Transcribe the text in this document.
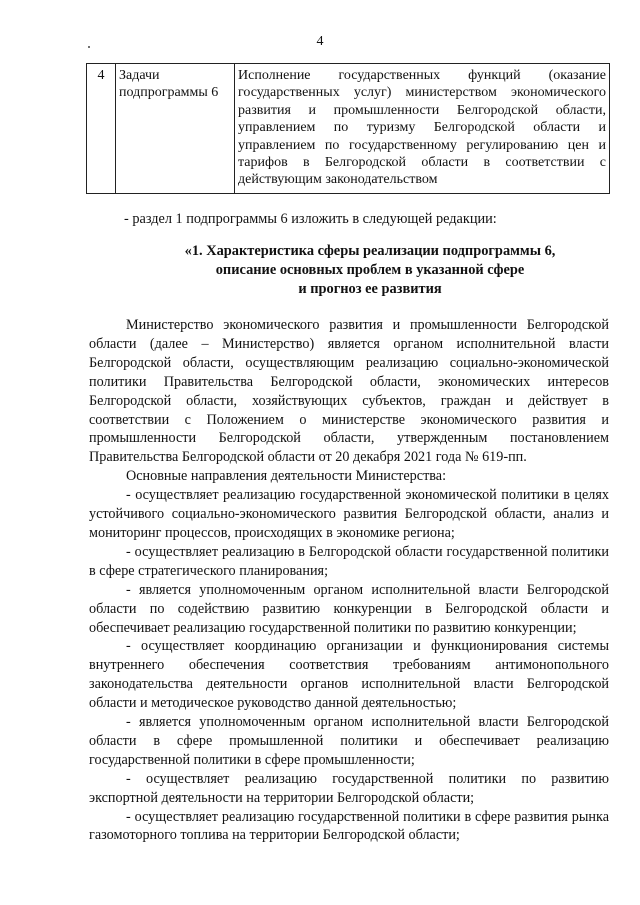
4
4	Задачи подпрограммы 6	Исполнение государственных функций (оказание государственных услуг) министерством экономического развития и промышленности Белгородской области, управлением по туризму Белгородской области и управлением по государственному регулированию цен и тарифов в Белгородской области в соответствии с действующим законодательством
- раздел 1 подпрограммы 6 изложить в следующей редакции:
«1. Характеристика сферы реализации подпрограммы 6,
описание основных проблем в указанной сфере
и прогноз ее развития

Министерство экономического развития и промышленности Белгородской области (далее – Министерство) является органом исполнительной власти Белгородской области, осуществляющим реализацию социально-экономической политики Правительства Белгородской области, экономических интересов Белгородской области, хозяйствующих субъектов, граждан и действует в соответствии с Положением о министерстве экономического развития и промышленности Белгородской области, утвержденным постановлением Правительства Белгородской области от 20 декабря 2021 года № 619-пп.

Основные направления деятельности Министерства:

- осуществляет реализацию государственной экономической политики в целях устойчивого социально-экономического развития Белгородской области, анализ и мониторинг процессов, происходящих в экономике региона;

- осуществляет реализацию в Белгородской области государственной политики в сфере стратегического планирования;

- является уполномоченным органом исполнительной власти Белгородской области по содействию развитию конкуренции в Белгородской области и обеспечивает реализацию государственной политики по развитию конкуренции;

- осуществляет координацию организации и функционирования системы внутреннего обеспечения соответствия требованиям антимонопольного законодательства деятельности органов исполнительной власти Белгородской области и методическое руководство данной деятельностью;

- является уполномоченным органом исполнительной власти Белгородской области в сфере промышленной политики и обеспечивает реализацию государственной политики в сфере промышленности;

- осуществляет реализацию государственной политики по развитию экспортной деятельности на территории Белгородской области;

- осуществляет реализацию государственной политики в сфере развития рынка газомоторного топлива на территории Белгородской области;
